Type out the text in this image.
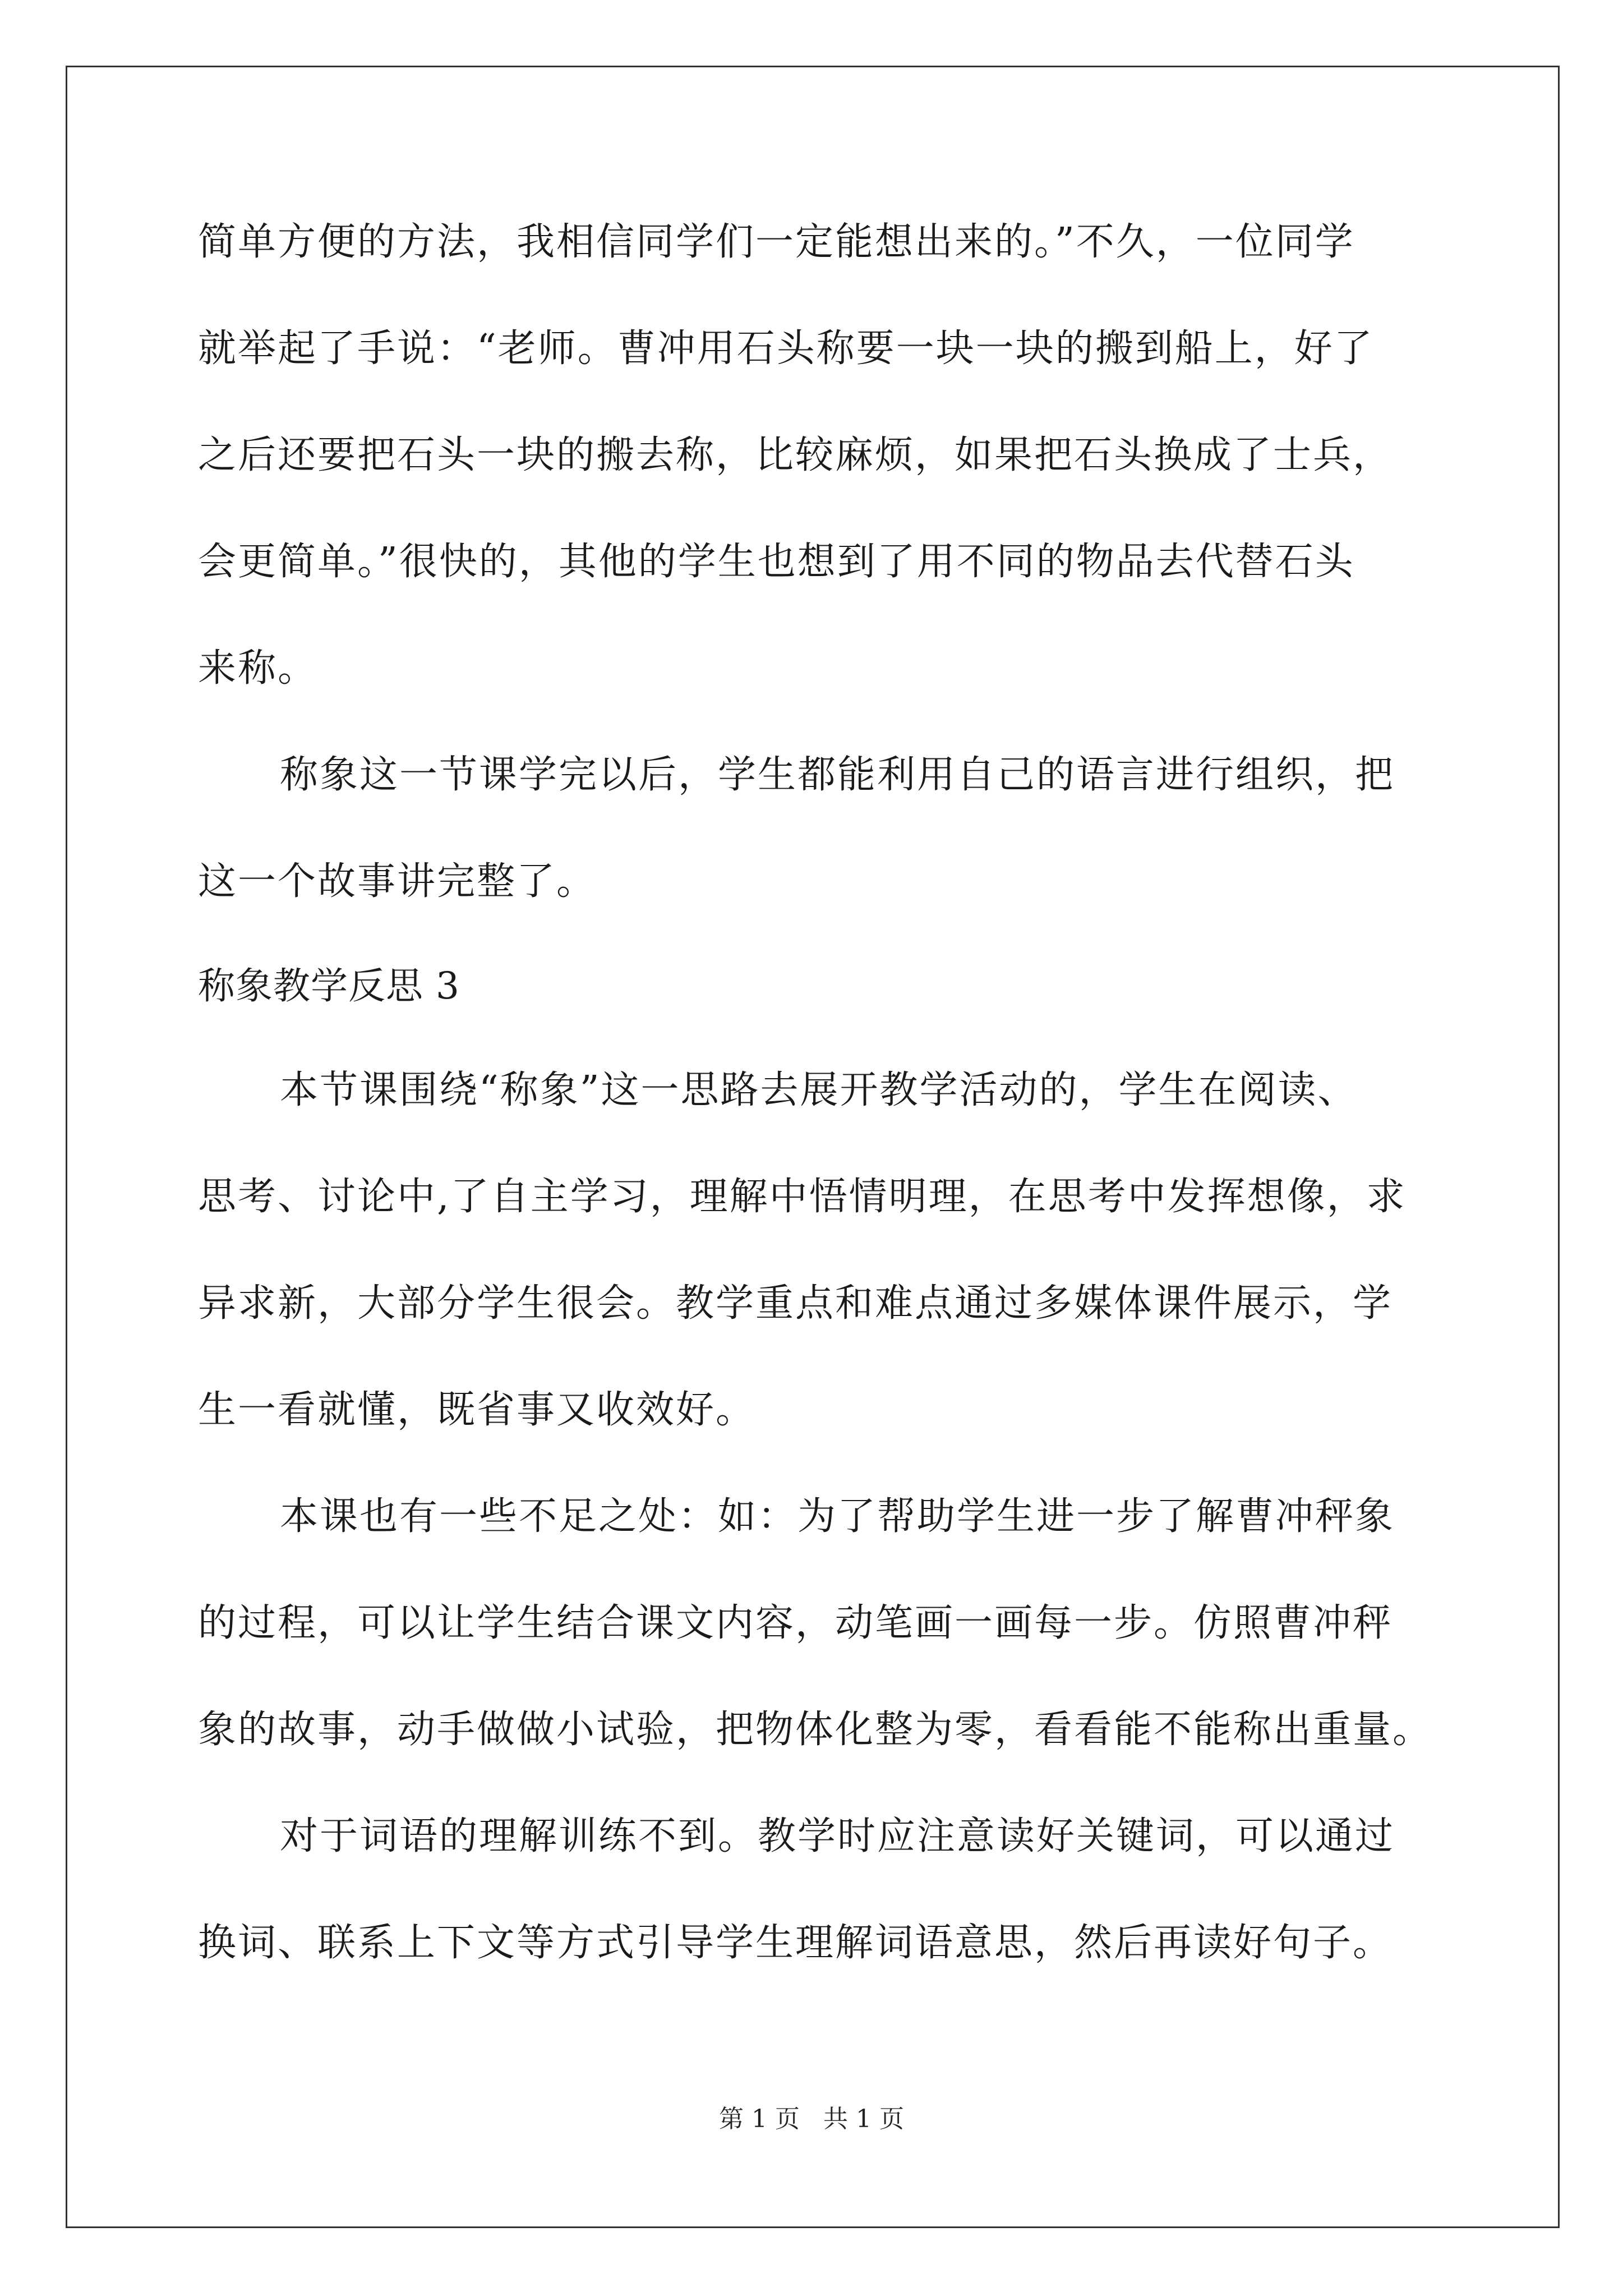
简单方便的方法，我相信同学们一定能想出来的。”不久，一位同学
就举起了手说：“老师。曹冲用石头称要一块一块的搬到船上，好了
之后还要把石头一块的搬去称，比较麻烦，如果把石头换成了士兵，
会更简单。”很快的，其他的学生也想到了用不同的物品去代替石头
来称。
称象这一节课学完以后，学生都能利用自己的语言进行组织，把
这一个故事讲完整了。
称象教学反思 3
本节课围绕“称象”这一思路去展开教学活动的，学生在阅读、
思考、讨论中,了自主学习，理解中悟情明理，在思考中发挥想像，求
异求新，大部分学生很会。教学重点和难点通过多媒体课件展示，学
生一看就懂，既省事又收效好。
本课也有一些不足之处：如：为了帮助学生进一步了解曹冲秤象
的过程，可以让学生结合课文内容，动笔画一画每一步。仿照曹冲秤
象的故事，动手做做小试验，把物体化整为零，看看能不能称出重量。
对于词语的理解训练不到。教学时应注意读好关键词，可以通过
换词、联系上下文等方式引导学生理解词语意思，然后再读好句子。
第 1 页   共 1 页
